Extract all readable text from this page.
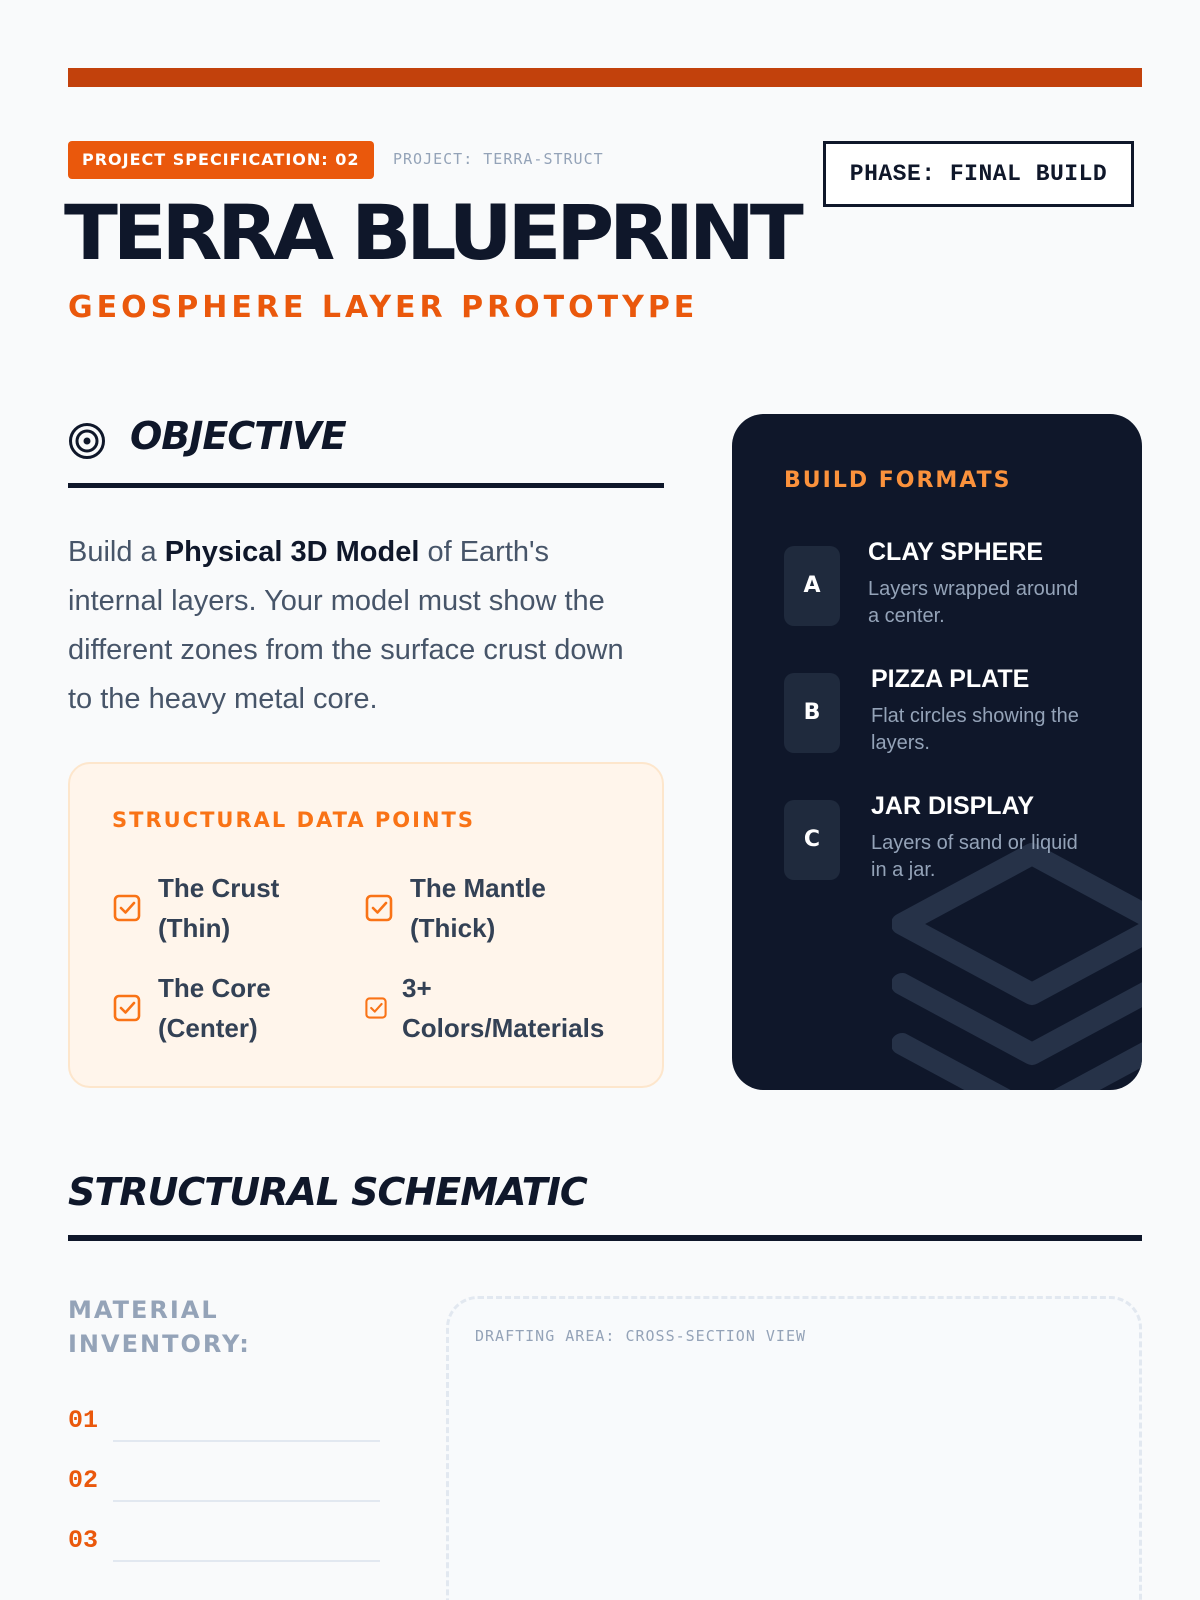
PROJECT SPECIFICATION: 02	PROJECT: TERRA-STRUCT
PHASE: FINAL BUILD
TERRA BLUEPRINT
GEOSPHERE LAYER PROTOTYPE
OBJECTIVE

Build a Physical 3D Model of Earth's internal layers. Your model must show the different zones from the surface crust down to the heavy metal core.

STRUCTURAL DATA POINTS
The Crust
(Thin)
The Mantle
(Thick)
The Core
(Center)
3+
Colors/Materials
BUILD FORMATS
A
CLAY SPHERE
Layers wrapped around a center.
B
PIZZA PLATE
Flat circles showing the layers.
C
JAR DISPLAY
Layers of sand or liquid in a jar.
STRUCTURAL SCHEMATIC
MATERIAL INVENTORY:
01
02
03
DRAFTING AREA: CROSS-SECTION VIEW
